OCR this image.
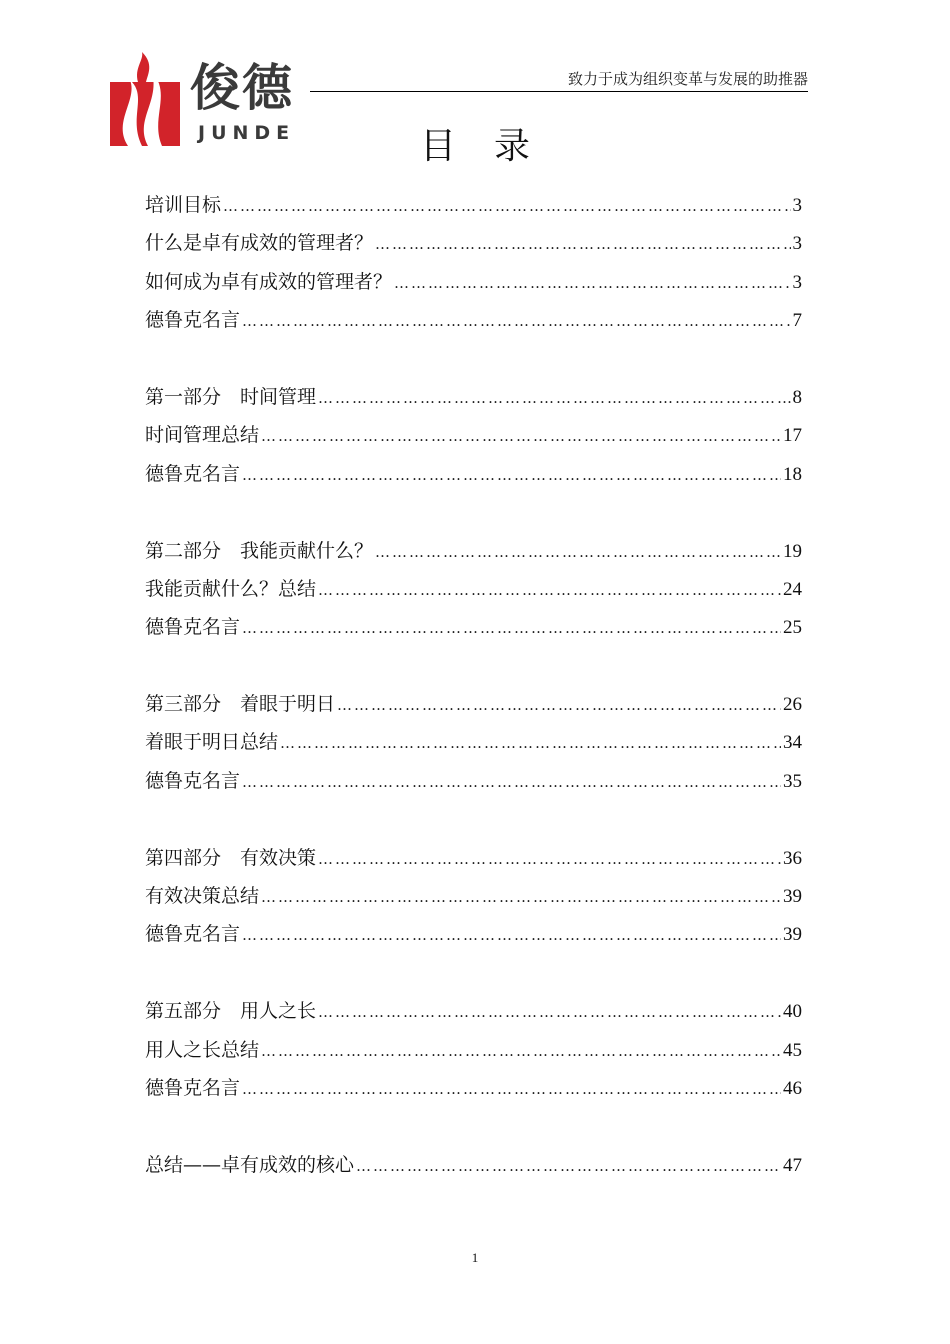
俊德
JUNDE
致力于成为组织变革与发展的助推器
目录
培训目标 ……………………………………………………………………………………………………………………………………………………………………………………	3
什么是卓有成效的管理者？ ……………………………………………………………………………………………………………………………………………………………………………………	3
如何成为卓有成效的管理者？ ……………………………………………………………………………………………………………………………………………………………………………………	3
德鲁克名言 ……………………………………………………………………………………………………………………………………………………………………………………	7
第一部分　时间管理 ……………………………………………………………………………………………………………………………………………………………………………………	8
时间管理总结 ……………………………………………………………………………………………………………………………………………………………………………………	17
德鲁克名言 ……………………………………………………………………………………………………………………………………………………………………………………	18
第二部分　我能贡献什么？ ……………………………………………………………………………………………………………………………………………………………………………………	19
我能贡献什么？总结 ……………………………………………………………………………………………………………………………………………………………………………………	24
德鲁克名言 ……………………………………………………………………………………………………………………………………………………………………………………	25
第三部分　着眼于明日 ……………………………………………………………………………………………………………………………………………………………………………………	26
着眼于明日总结 ……………………………………………………………………………………………………………………………………………………………………………………	34
德鲁克名言 ……………………………………………………………………………………………………………………………………………………………………………………	35
第四部分　有效决策 ……………………………………………………………………………………………………………………………………………………………………………………	36
有效决策总结 ……………………………………………………………………………………………………………………………………………………………………………………	39
德鲁克名言 ……………………………………………………………………………………………………………………………………………………………………………………	39
第五部分　用人之长 ……………………………………………………………………………………………………………………………………………………………………………………	40
用人之长总结 ……………………………………………………………………………………………………………………………………………………………………………………	45
德鲁克名言 ……………………………………………………………………………………………………………………………………………………………………………………	46
总结——卓有成效的核心 ……………………………………………………………………………………………………………………………………………………………………………………	47
1
